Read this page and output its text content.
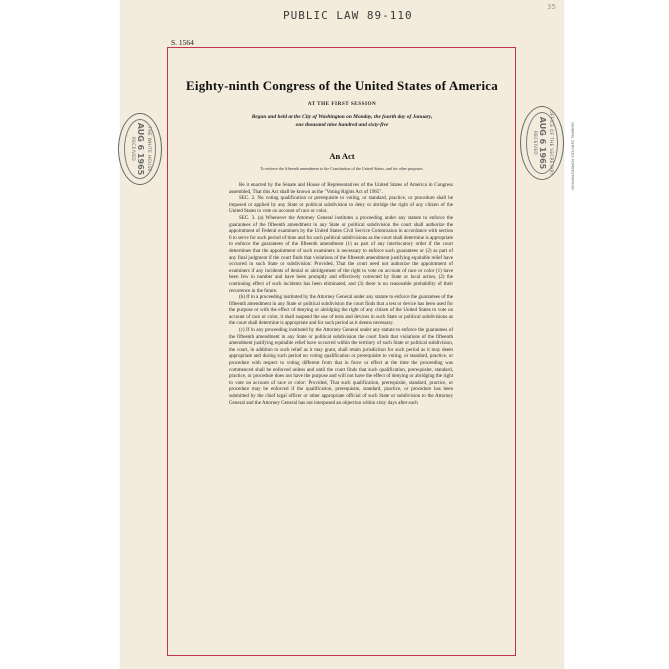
35
PUBLIC LAW 89-110
S. 1564
Eighty-ninth Congress of the United States of America
AT THE FIRST SESSION
Begun and held at the City of Washington on Monday, the fourth day of January,
one thousand nine hundred and sixty-five
An Act
To enforce the fifteenth amendment to the Constitution of the United States, and for other purposes.

Be it enacted by the Senate and House of Representatives of the United States of America in Congress assembled, That this Act shall be known as the "Voting Rights Act of 1965".

SEC. 2. No voting qualification or prerequisite to voting, or standard, practice, or procedure shall be imposed or applied by any State or political subdivision to deny or abridge the right of any citizen of the United States to vote on account of race or color.

SEC. 3. (a) Whenever the Attorney General institutes a proceeding under any statute to enforce the guarantees of the fifteenth amendment in any State or political subdivision the court shall authorize the appointment of Federal examiners by the United States Civil Service Commission in accordance with section 6 to serve for such period of time and for such political subdivisions as the court shall determine is appropriate to enforce the guarantees of the fifteenth amendment (1) as part of any interlocutory order if the court determines that the appointment of such examiners is necessary to enforce such guarantees or (2) as part of any final judgment if the court finds that violations of the fifteenth amendment justifying equitable relief have occurred in such State or subdivision: Provided, That the court need not authorize the appointment of examiners if any incidents of denial or abridgement of the right to vote on account of race or color (1) have been few in number and have been promptly and effectively corrected by State or local action, (2) the continuing effect of such incidents has been eliminated, and (3) there is no reasonable probability of their recurrence in the future.

(b) If in a proceeding instituted by the Attorney General under any statute to enforce the guarantees of the fifteenth amendment in any State or political subdivision the court finds that a test or device has been used for the purpose or with the effect of denying or abridging the right of any citizen of the United States to vote on account of race or color, it shall suspend the use of tests and devices in such State or political subdivisions as the court shall determine is appropriate and for such period as it deems necessary.

(c) If in any proceeding instituted by the Attorney General under any statute to enforce the guarantees of the fifteenth amendment in any State or political subdivision the court finds that violations of the fifteenth amendment justifying equitable relief have occurred within the territory of such State or political subdivision, the court, in addition to such relief as it may grant, shall retain jurisdiction for such period as it may deem appropriate and during such period no voting qualification or prerequisite to voting, or standard, practice, or procedure with respect to voting different from that in force or effect at the time the proceeding was commenced shall be enforced unless and until the court finds that such qualification, prerequisite, standard, practice, or procedure does not have the purpose and will not have the effect of denying or abridging the right to vote on account of race or color: Provided, That such qualification, prerequisite, standard, practice, or procedure may be enforced if the qualification, prerequisite, standard, practice, or procedure has been submitted by the chief legal officer or other appropriate official of such State or subdivision to the Attorney General and the Attorney General has not interposed an objection within sixty days after such

THE WHITE HOUSE
AUG 6 1965
RECEIVED	OFFICE OF THE SECRETARY
AUG 6 1965
RECEIVED	GENERAL SERVICES ADMINISTRATION
